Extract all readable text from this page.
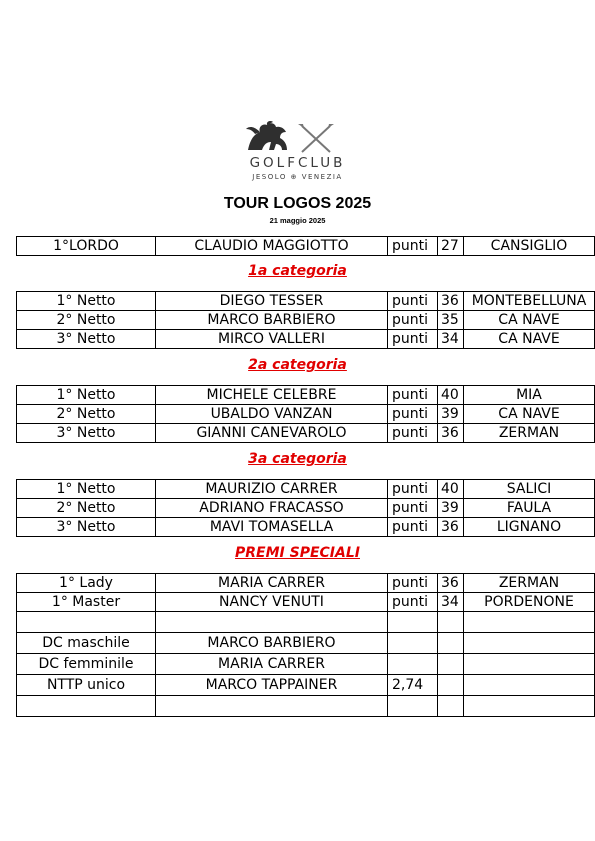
GOLFCLUB
JESOLO ⊕ VENEZIA
TOUR LOGOS 2025
21 maggio 2025
1°LORDO	CLAUDIO MAGGIOTTO	punti	27	CANSIGLIO
1a categoria
1° Netto	DIEGO TESSER	punti	36	MONTEBELLUNA
2° Netto	MARCO BARBIERO	punti	35	CA NAVE
3° Netto	MIRCO VALLERI	punti	34	CA NAVE
2a categoria
1° Netto	MICHELE CELEBRE	punti	40	MIA
2° Netto	UBALDO VANZAN	punti	39	CA NAVE
3° Netto	GIANNI CANEVAROLO	punti	36	ZERMAN
3a categoria
1° Netto	MAURIZIO CARRER	punti	40	SALICI
2° Netto	ADRIANO FRACASSO	punti	39	FAULA
3° Netto	MAVI TOMASELLA	punti	36	LIGNANO
PREMI SPECIALI
1° Lady	MARIA CARRER	punti	36	ZERMAN
1° Master	NANCY VENUTI	punti	34	PORDENONE

DC maschile	MARCO BARBIERO			
DC femminile	MARIA CARRER			
NTTP unico	MARCO TAPPAINER	2,74		
